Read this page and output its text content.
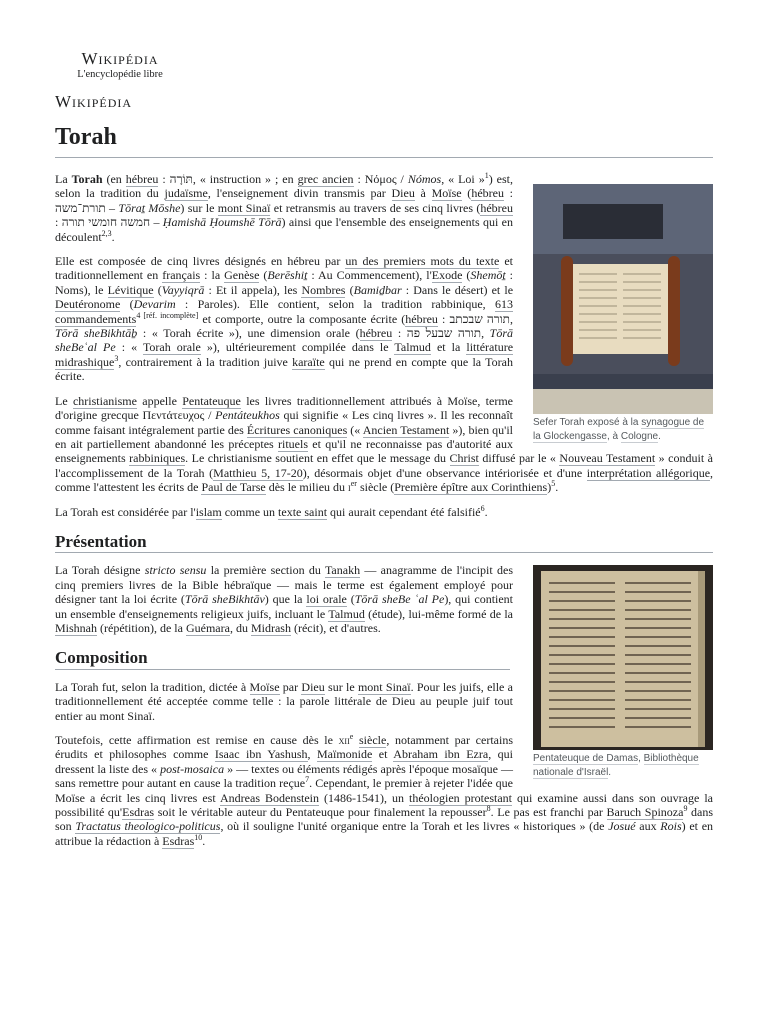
Wikipédia
L'encyclopédie libre
Wikipédia
Torah
Sefer Torah exposé à la synagogue de la Glockengasse, à Cologne.

La Torah (en hébreu : תּוֹרָה, « instruction » ; en grec ancien : Νόμος / Nómos, « Loi »$^1$) est, selon la tradition du judaïsme, l'enseignement divin transmis par Dieu à Moïse (hébreu : תורת־משה – Tōraṯ Mōshe) sur le mont Sinaï et retransmis au travers de ses cinq livres (hébreu : חמשה חומשי תורה – Ḥamishā Ḥoumshē Tōrā) ainsi que l'ensemble des enseignements qui en découlent$^{2,3}$.

Elle est composée de cinq livres désignés en hébreu par un des premiers mots du texte et traditionnellement en français : la Genèse (Berēshiṯ : Au Commencement), l'Exode (Shemōṯ : Noms), le Lévitique (Vayyiqrā : Et il appela), les Nombres (Bamiḏbar : Dans le désert) et le Deutéronome (Devarim : Paroles). Elle contient, selon la tradition rabbinique, 613 commandements$^{4 [réf. incomplète]}$ et comporte, outre la composante écrite (hébreu : תורה שבכתב, Tōrā sheBikhtāḇ : « Torah écrite »), une dimension orale (hébreu : תורה שבעל פה, Tōrā sheBeʿal Pe : « Torah orale »), ultérieurement compilée dans le Talmud et la littérature midrashique$^3$, contrairement à la tradition juive karaïte qui ne prend en compte que la Torah écrite.

Le christianisme appelle Pentateuque les livres traditionnellement attribués à Moïse, terme d'origine grecque Πεντάτευχος / Pentáteukhos qui signifie « Les cinq livres ». Il les reconnaît comme faisant intégralement partie des Écritures canoniques (« Ancien Testament »), bien qu'il en ait partiellement abandonné les préceptes rituels et qu'il ne reconnaisse pas d'autorité aux enseignements rabbiniques. Le christianisme soutient en effet que le message du Christ diffusé par le « Nouveau Testament » conduit à l'accomplissement de la Torah (Matthieu 5, 17-20), désormais objet d'une observance intériorisée et d'une interprétation allégorique, comme l'attestent les écrits de Paul de Tarse dès le milieu du $i^{er}$ siècle (Première épître aux Corinthiens)$^5$.

La Torah est considérée par l'islam comme un texte saint qui aurait cependant été falsifié$^6$.

Présentation
Pentateuque de Damas, Bibliothèque nationale d'Israël.

La Torah désigne stricto sensu la première section du Tanakh — anagramme de l'incipit des cinq premiers livres de la Bible hébraïque — mais le terme est également employé pour désigner tant la loi écrite (Tōrā sheBikhtāv) que la loi orale (Tōrā sheBe ʿal Pe), qui contient un ensemble d'enseignements religieux juifs, incluant le Talmud (étude), lui-même formé de la Mishnah (répétition), de la Guémara, du Midrash (récit), et d'autres.

Composition

La Torah fut, selon la tradition, dictée à Moïse par Dieu sur le mont Sinaï. Pour les juifs, elle a traditionnellement été acceptée comme telle : la parole littérale de Dieu au peuple juif tout entier au mont Sinaï.

Toutefois, cette affirmation est remise en cause dès le xii$^e$ siècle, notamment par certains érudits et philosophes comme Isaac ibn Yashush, Maïmonide et Abraham ibn Ezra, qui dressent la liste des « post-mosaica » — textes ou éléments rédigés après l'époque mosaïque — sans remettre pour autant en cause la tradition reçue$^7$. Cependant, le premier à rejeter l'idée que Moïse a écrit les cinq livres est Andreas Bodenstein (1486-1541), un théologien protestant qui examine aussi dans son ouvrage la possibilité qu'Esdras soit le véritable auteur du Pentateuque pour finalement la repousser$^8$. Le pas est franchi par Baruch Spinoza$^9$ dans son Tractatus theologico-politicus, où il souligne l'unité organique entre la Torah et les livres « historiques » (de Josué aux Rois) et en attribue la rédaction à Esdras$^{10}$.
